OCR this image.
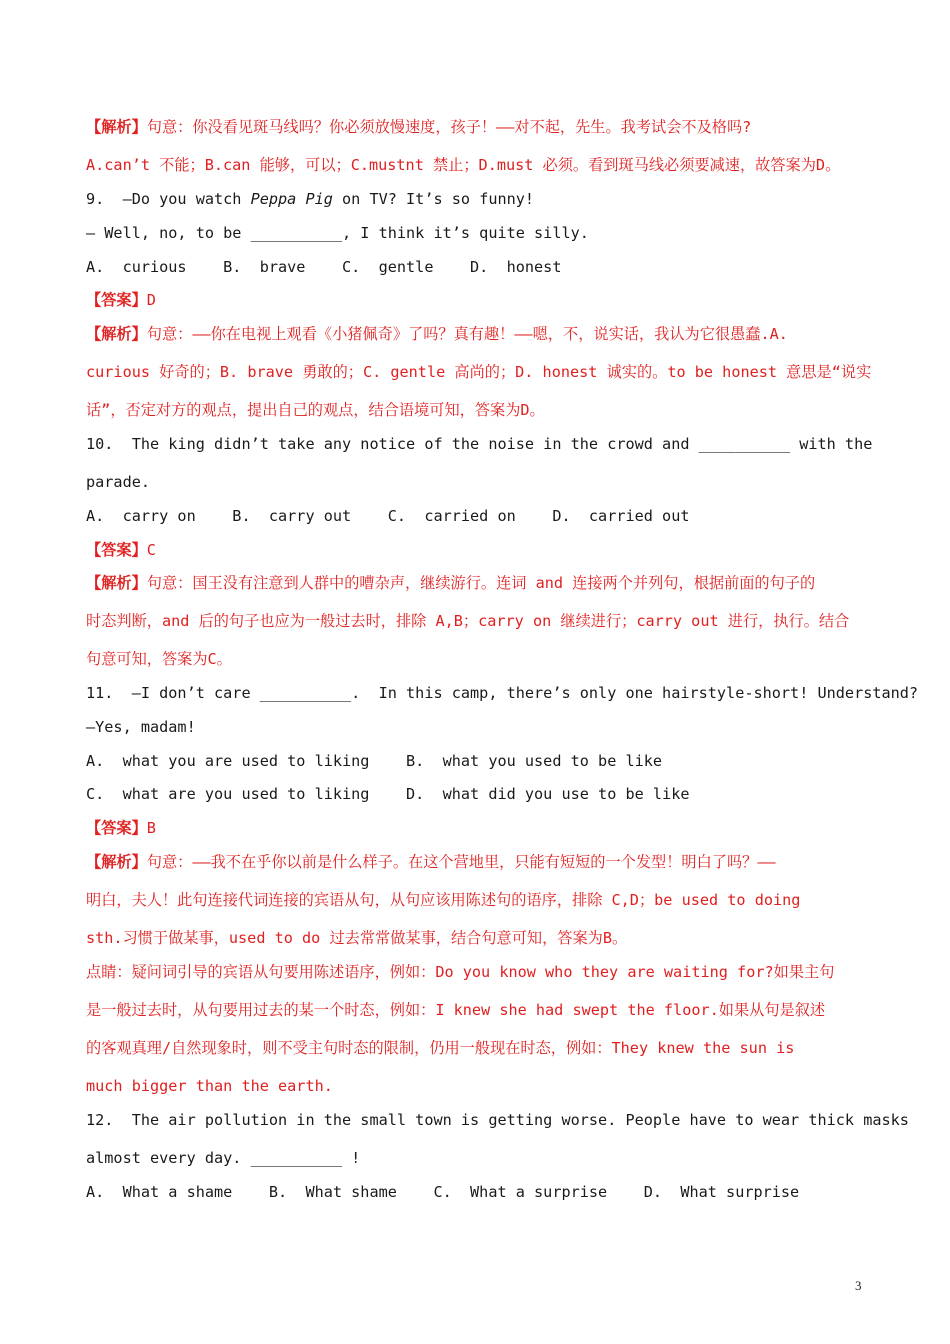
【解析】句意：你没看见斑马线吗？你必须放慢速度，孩子！——对不起，先生。我考试会不及格吗?
A.can’t 不能；B.can 能够，可以；C.mustnt 禁止；D.must 必须。看到斑马线必须要减速，故答案为D。
9.  —Do you watch Peppa Pig on TV? It’s so funny!
— Well, no, to be __________, I think it’s quite silly.
A.  curious    B.  brave    C.  gentle    D.  honest
【答案】D
【解析】句意：——你在电视上观看《小猪佩奇》了吗？真有趣！——嗯，不，说实话，我认为它很愚蠢.A.
curious 好奇的；B. brave 勇敢的；C. gentle 高尚的；D. honest 诚实的。to be honest 意思是“说实
话”，否定对方的观点，提出自己的观点，结合语境可知，答案为D。
10.  The king didn’t take any notice of the noise in the crowd and __________ with the
parade.
A.  carry on    B.  carry out    C.  carried on    D.  carried out
【答案】C
【解析】句意：国王没有注意到人群中的嘈杂声，继续游行。连词 and 连接两个并列句，根据前面的句子的
时态判断，and 后的句子也应为一般过去时，排除 A,B；carry on 继续进行；carry out 进行，执行。结合
句意可知，答案为C。
11.  —I don’t care __________.  In this camp, there’s only one hairstyle-short! Understand?
—Yes, madam!
A.  what you are used to liking    B.  what you used to be like
C.  what are you used to liking    D.  what did you use to be like
【答案】B
【解析】句意：——我不在乎你以前是什么样子。在这个营地里，只能有短短的一个发型！明白了吗？——
明白，夫人！此句连接代词连接的宾语从句，从句应该用陈述句的语序，排除 C,D；be used to doing
sth.习惯于做某事，used to do 过去常常做某事，结合句意可知，答案为B。
点睛：疑问词引导的宾语从句要用陈述语序，例如：Do you know who they are waiting for?如果主句
是一般过去时，从句要用过去的某一个时态，例如：I knew she had swept the floor.如果从句是叙述
的客观真理/自然现象时，则不受主句时态的限制，仍用一般现在时态，例如：They knew the sun is
much bigger than the earth.
12.  The air pollution in the small town is getting worse. People have to wear thick masks
almost every day. __________ !
A.  What a shame    B.  What shame    C.  What a surprise    D.  What surprise
3
